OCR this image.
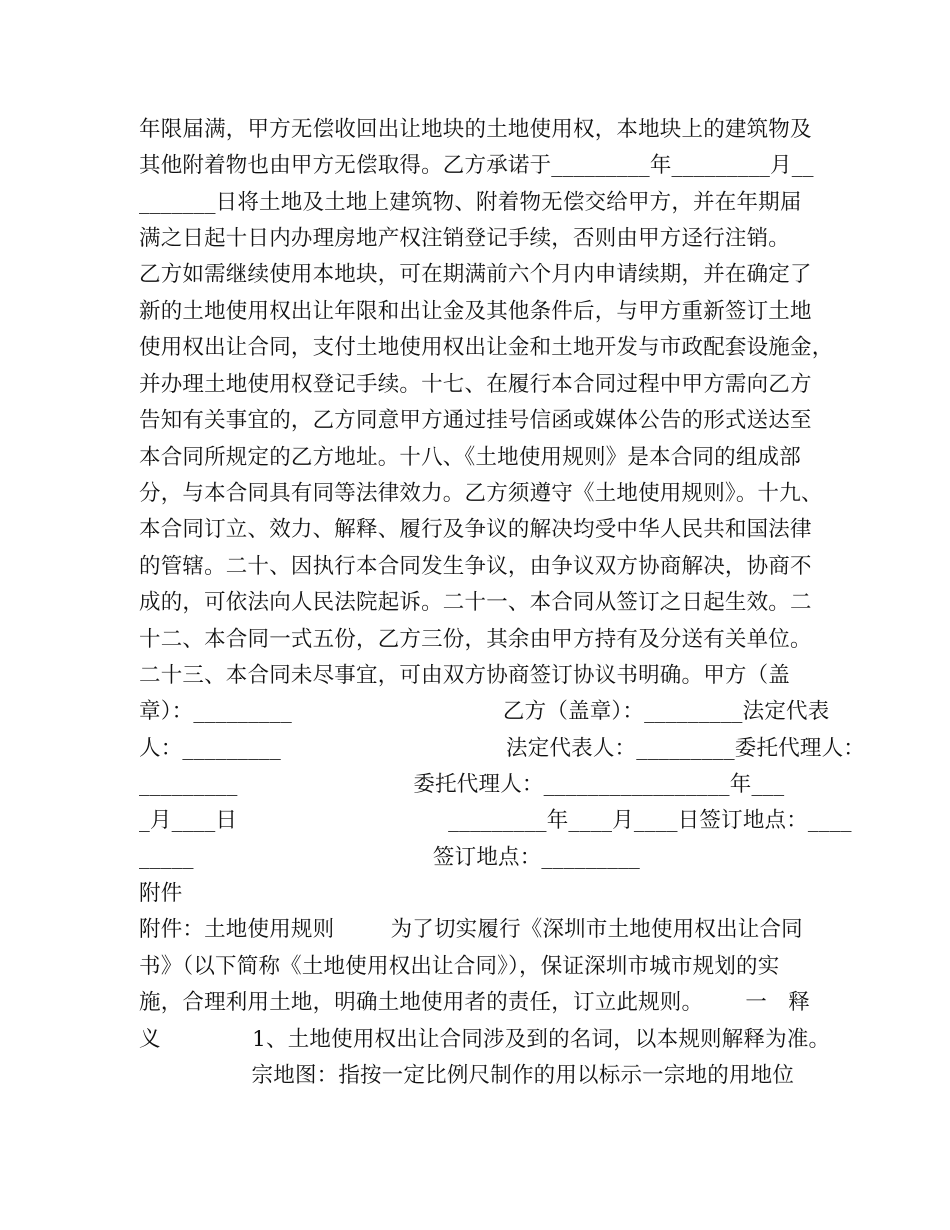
年限届满，甲方无偿收回出让地块的土地使用权，本地块上的建筑物及
其他附着物也由甲方无偿取得。乙方承诺于_________年_________月__
_______日将土地及土地上建筑物、附着物无偿交给甲方，并在年期届
满之日起十日内办理房地产权注销登记手续，否则由甲方迳行注销。
乙方如需继续使用本地块，可在期满前六个月内申请续期，并在确定了
新的土地使用权出让年限和出让金及其他条件后，与甲方重新签订土地
使用权出让合同，支付土地使用权出让金和土地开发与市政配套设施金，
并办理土地使用权登记手续。十七、在履行本合同过程中甲方需向乙方
告知有关事宜的，乙方同意甲方通过挂号信函或媒体公告的形式送达至
本合同所规定的乙方地址。十八、《土地使用规则》是本合同的组成部
分，与本合同具有同等法律效力。乙方须遵守《土地使用规则》。十九、
本合同订立、效力、解释、履行及争议的解决均受中华人民共和国法律
的管辖。二十、因执行本合同发生争议，由争议双方协商解决，协商不
成的，可依法向人民法院起诉。二十一、本合同从签订之日起生效。二
十二、本合同一式五份，乙方三份，其余由甲方持有及分送有关单位。
二十三、本合同未尽事宜，可由双方协商签订协议书明确。甲方（盖
章）：_________                              乙方（盖章）：_________法定代表
人：_________                                法定代表人：_________委托代理人：
_________                         委托代理人：_________________年___
_月____日                              _________年____月____日签订地点：____
_____                                  签订地点：_________
附件
附件：土地使用规则        为了切实履行《深圳市土地使用权出让合同
书》（以下简称《土地使用权出让合同》），保证深圳市城市规划的实
施，合理利用土地，明确土地使用者的责任，订立此规则。      一   释
义             1、土地使用权出让合同涉及到的名词，以本规则解释为准。
宗地图：指按一定比例尺制作的用以标示一宗地的用地位
